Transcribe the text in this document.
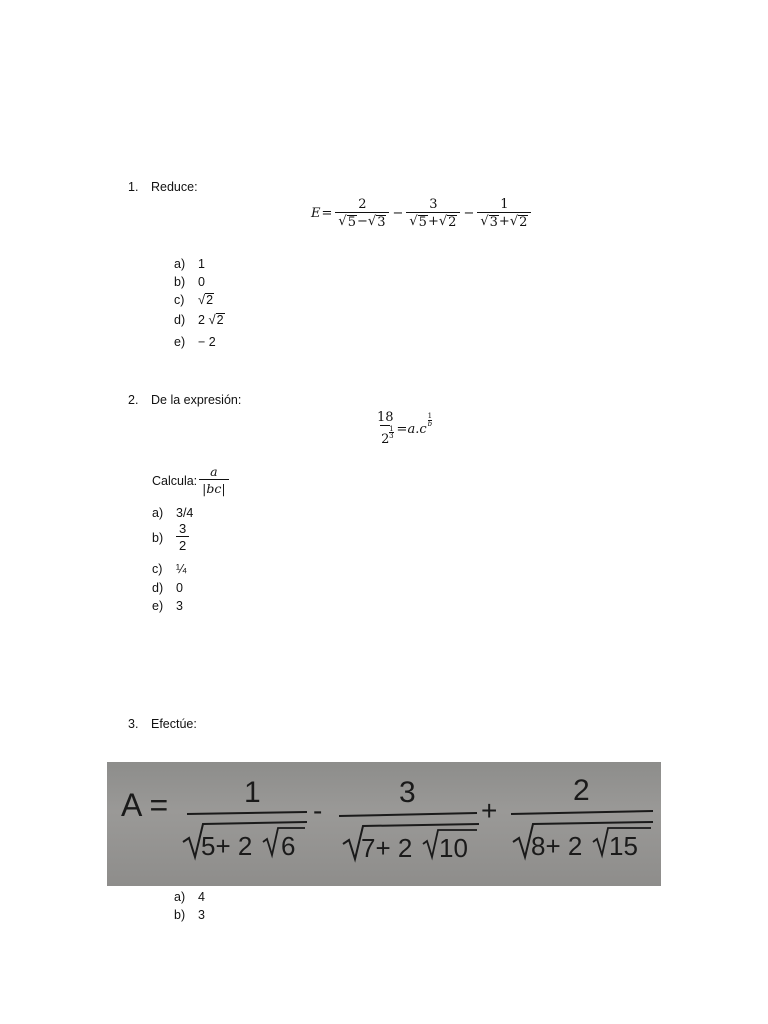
1. Reduce:
$E = \frac{2}{√ 5 - √ 3} - \frac{3}{√ 5 + √ 2} - \frac{1}{√ 3 + √ 2}$
a) 1
b) 0
c) √ 2
d) 2 √ 2
e) − 2
2. De la expresión:
$\frac{18}{2 \frac{1}{3}} =a.c$
$\frac{1}{b}$
Calcula: $\frac{a}{|bc|}$
a) 3/4
$b) \frac{3}{2}$
c) ¼
d) 0
e) 3
3. Efectúe:
A =	1
5+ 2 6
-
3
7+ 2 10
+
2
8+ 2 15
a) 4
b) 3
